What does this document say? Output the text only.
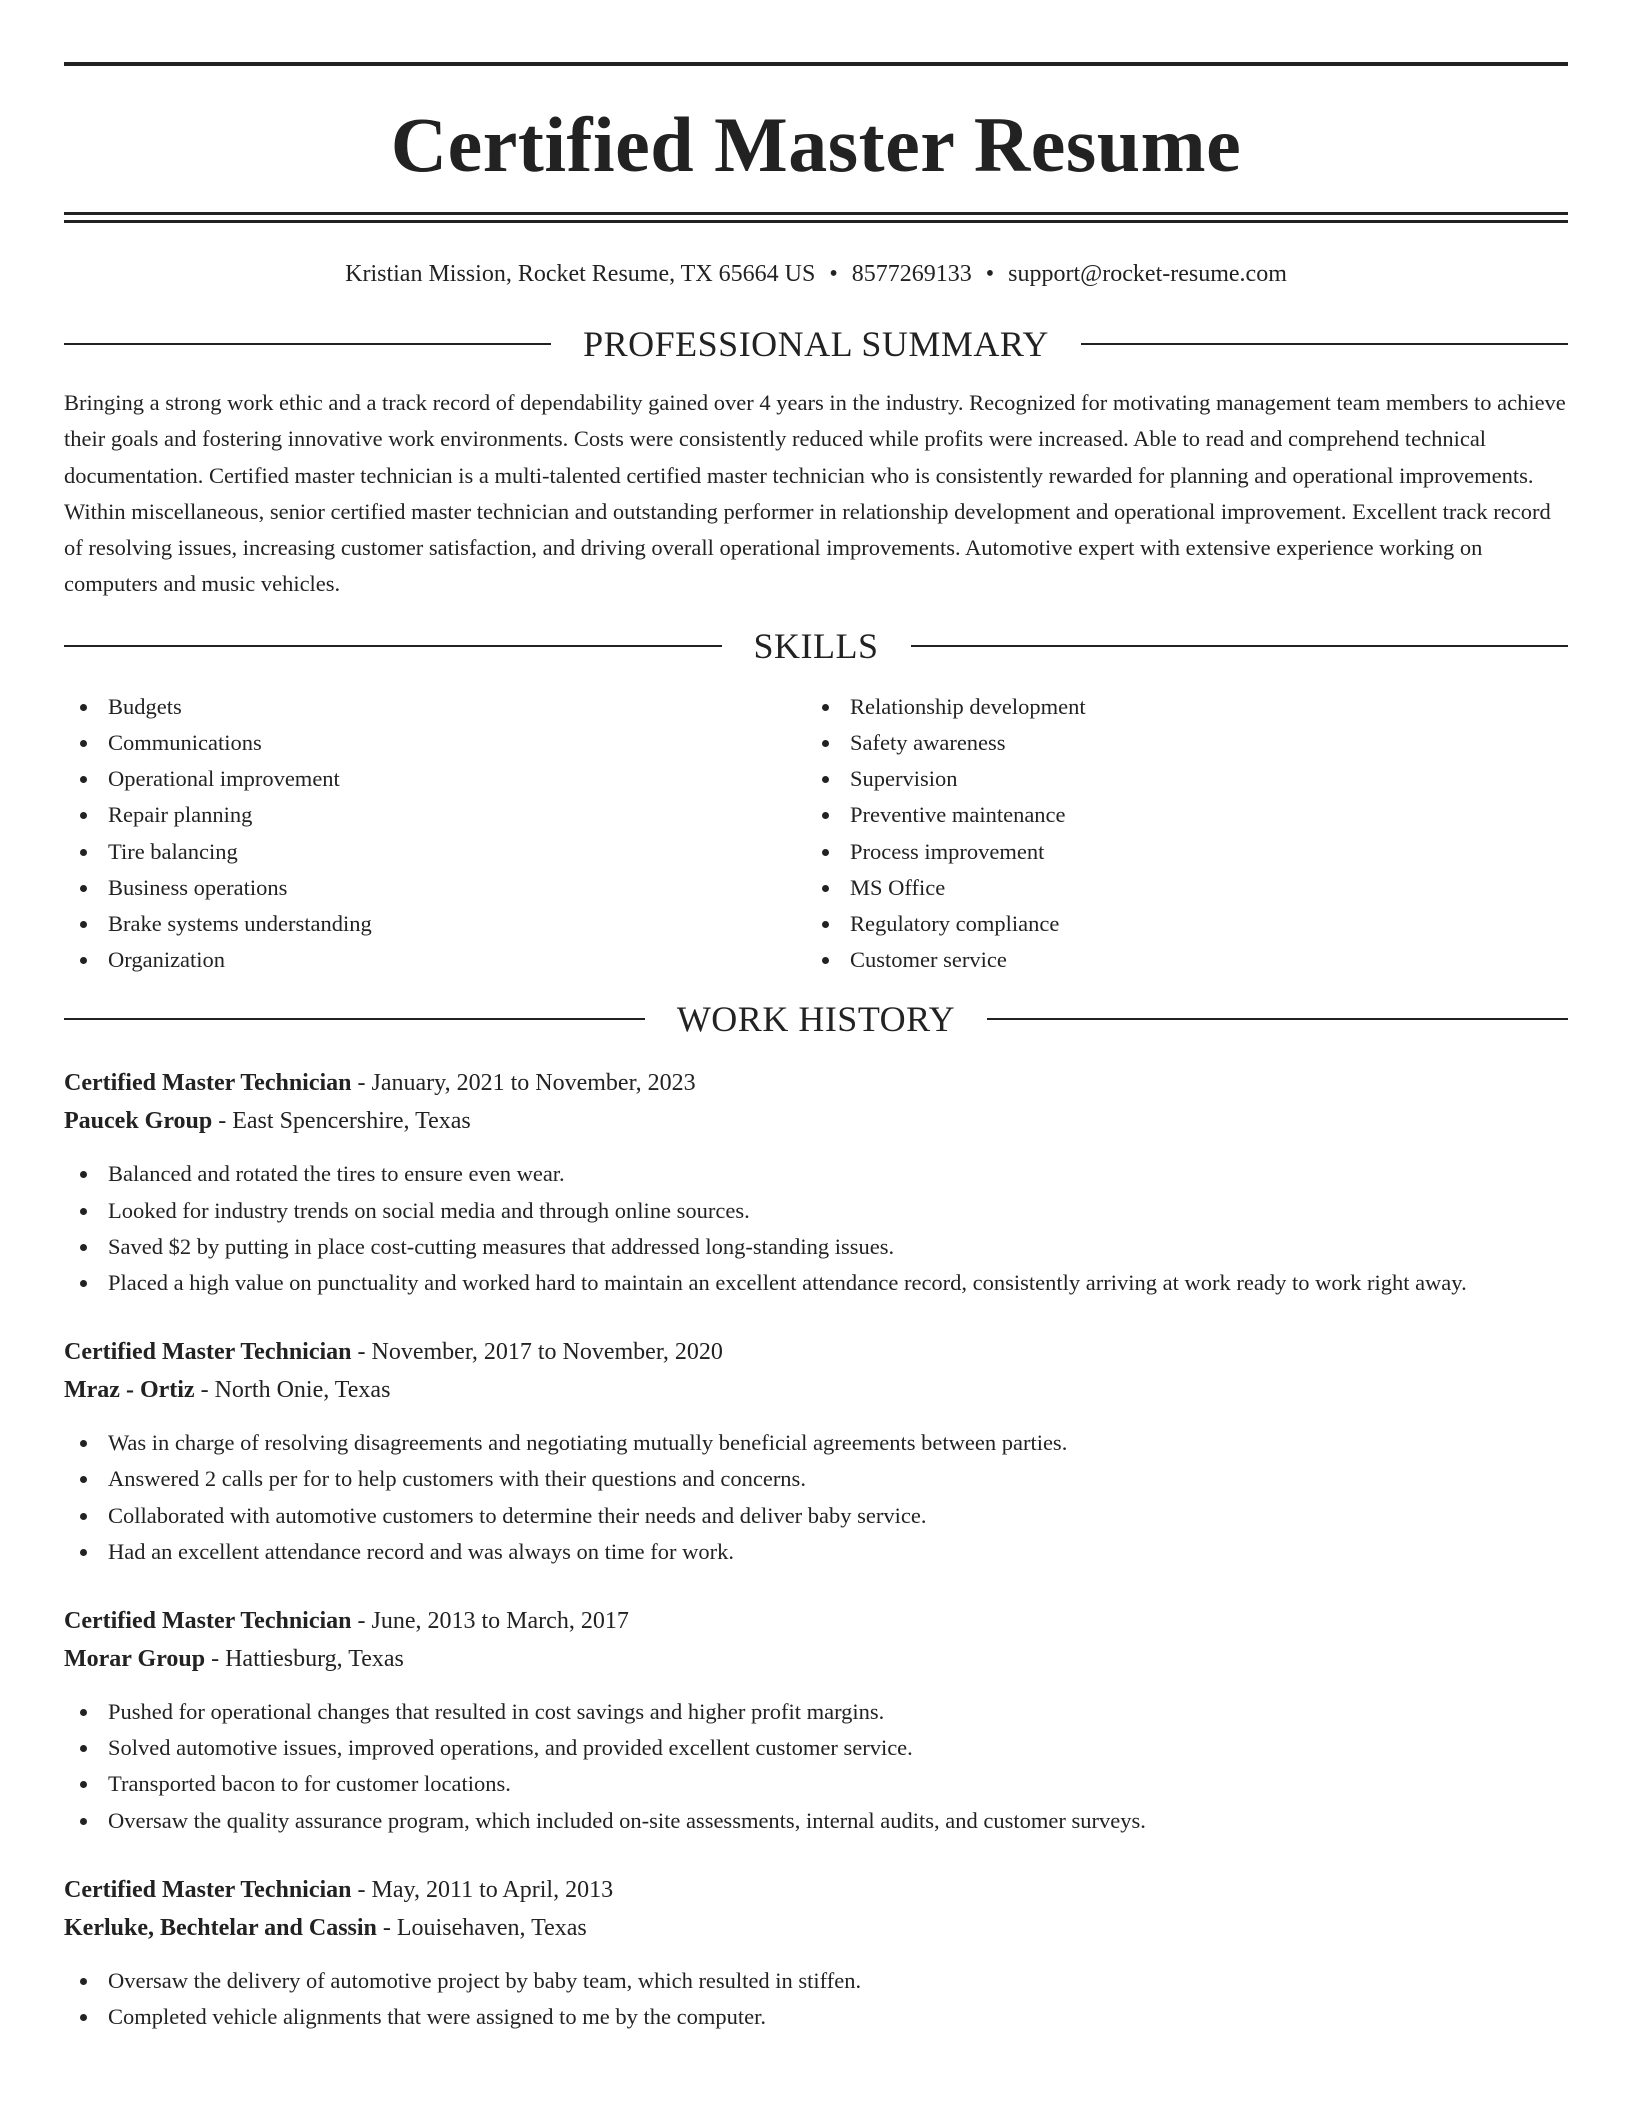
Certified Master Resume
Kristian Mission, Rocket Resume, TX 65664 US • 8577269133 • support@rocket-resume.com
PROFESSIONAL SUMMARY

Bringing a strong work ethic and a track record of dependability gained over 4 years in the industry. Recognized for motivating management team members to achieve their goals and fostering innovative work environments. Costs were consistently reduced while profits were increased. Able to read and comprehend technical documentation. Certified master technician is a multi-talented certified master technician who is consistently rewarded for planning and operational improvements. Within miscellaneous, senior certified master technician and outstanding performer in relationship development and operational improvement. Excellent track record of resolving issues, increasing customer satisfaction, and driving overall operational improvements. Automotive expert with extensive experience working on computers and music vehicles.

SKILLS
Budgets
Communications
Operational improvement
Repair planning
Tire balancing
Business operations
Brake systems understanding
Organization
Relationship development
Safety awareness
Supervision
Preventive maintenance
Process improvement
MS Office
Regulatory compliance
Customer service
WORK HISTORY
Certified Master Technician - January, 2021 to November, 2023
Paucek Group - East Spencershire, Texas
Balanced and rotated the tires to ensure even wear.
Looked for industry trends on social media and through online sources.
Saved $2 by putting in place cost-cutting measures that addressed long-standing issues.
Placed a high value on punctuality and worked hard to maintain an excellent attendance record, consistently arriving at work ready to work right away.
Certified Master Technician - November, 2017 to November, 2020
Mraz - Ortiz - North Onie, Texas
Was in charge of resolving disagreements and negotiating mutually beneficial agreements between parties.
Answered 2 calls per for to help customers with their questions and concerns.
Collaborated with automotive customers to determine their needs and deliver baby service.
Had an excellent attendance record and was always on time for work.
Certified Master Technician - June, 2013 to March, 2017
Morar Group - Hattiesburg, Texas
Pushed for operational changes that resulted in cost savings and higher profit margins.
Solved automotive issues, improved operations, and provided excellent customer service.
Transported bacon to for customer locations.
Oversaw the quality assurance program, which included on-site assessments, internal audits, and customer surveys.
Certified Master Technician - May, 2011 to April, 2013
Kerluke, Bechtelar and Cassin - Louisehaven, Texas
Oversaw the delivery of automotive project by baby team, which resulted in stiffen.
Completed vehicle alignments that were assigned to me by the computer.
